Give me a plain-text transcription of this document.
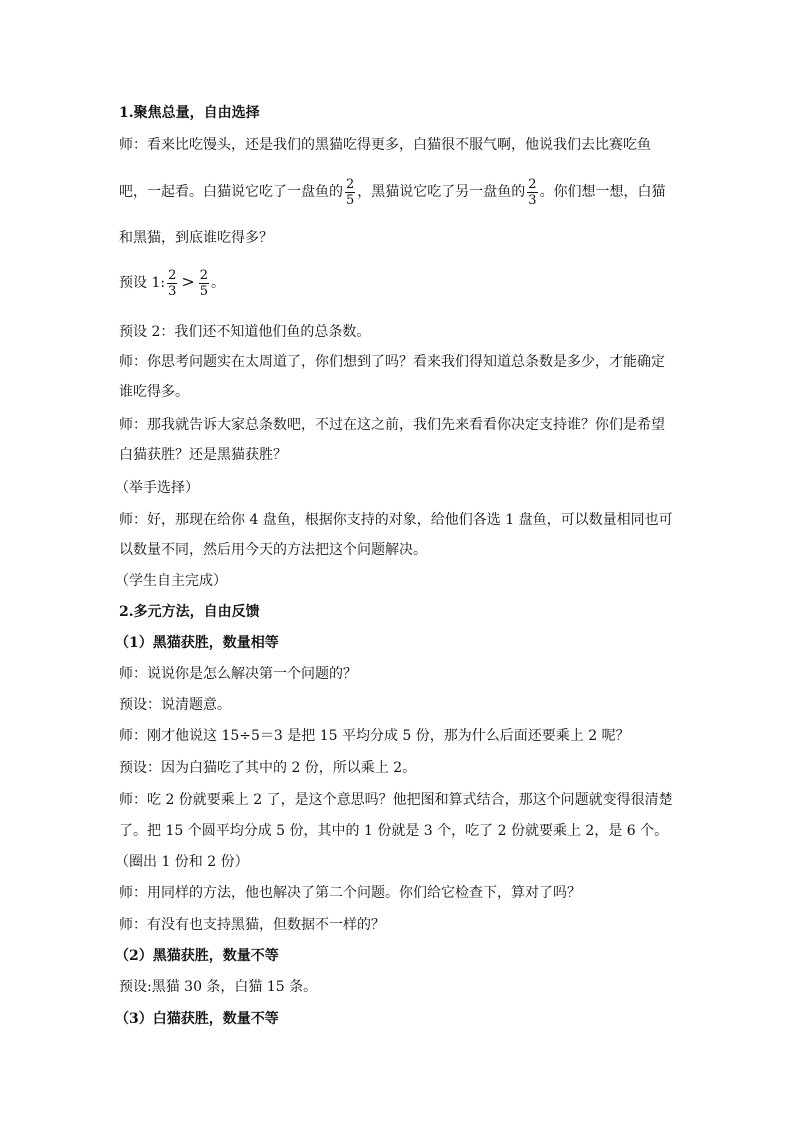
1.聚焦总量，自由选择
师：看来比吃馒头，还是我们的黑猫吃得更多，白猫很不服气啊，他说我们去比赛吃鱼
吧，一起看。白猫说它吃了一盘鱼的 $\frac{2}{5}$ ，黑猫说它吃了另一盘鱼的 $\frac{2}{3}$ 。你们想一想，白猫
和黑猫，到底谁吃得多？
预设 1: $\frac{2}{3} > \frac{2}{5}$ 。
预设 2：我们还不知道他们鱼的总条数。
师：你思考问题实在太周道了，你们想到了吗？看来我们得知道总条数是多少，才能确定
谁吃得多。
师：那我就告诉大家总条数吧，不过在这之前，我们先来看看你决定支持谁？你们是希望
白猫获胜？还是黑猫获胜？
（举手选择）
师：好，那现在给你 4 盘鱼，根据你支持的对象，给他们各选 1 盘鱼，可以数量相同也可
以数量不同，然后用今天的方法把这个问题解决。
（学生自主完成）
2.多元方法，自由反馈
（1）黑猫获胜，数量相等
师：说说你是怎么解决第一个问题的？
预设：说清题意。
师：刚才他说这 15÷5＝3 是把 15 平均分成 5 份，那为什么后面还要乘上 2 呢？
预设：因为白猫吃了其中的 2 份，所以乘上 2。
师：吃 2 份就要乘上 2 了，是这个意思吗？他把图和算式结合，那这个问题就变得很清楚
了。把 15 个圆平均分成 5 份，其中的 1 份就是 3 个，吃了 2 份就要乘上 2，是 6 个。
（圈出 1 份和 2 份）
师：用同样的方法，他也解决了第二个问题。你们给它检查下，算对了吗？
师：有没有也支持黑猫，但数据不一样的？
（2）黑猫获胜，数量不等
预设:黑猫 30 条，白猫 15 条。
（3）白猫获胜，数量不等
